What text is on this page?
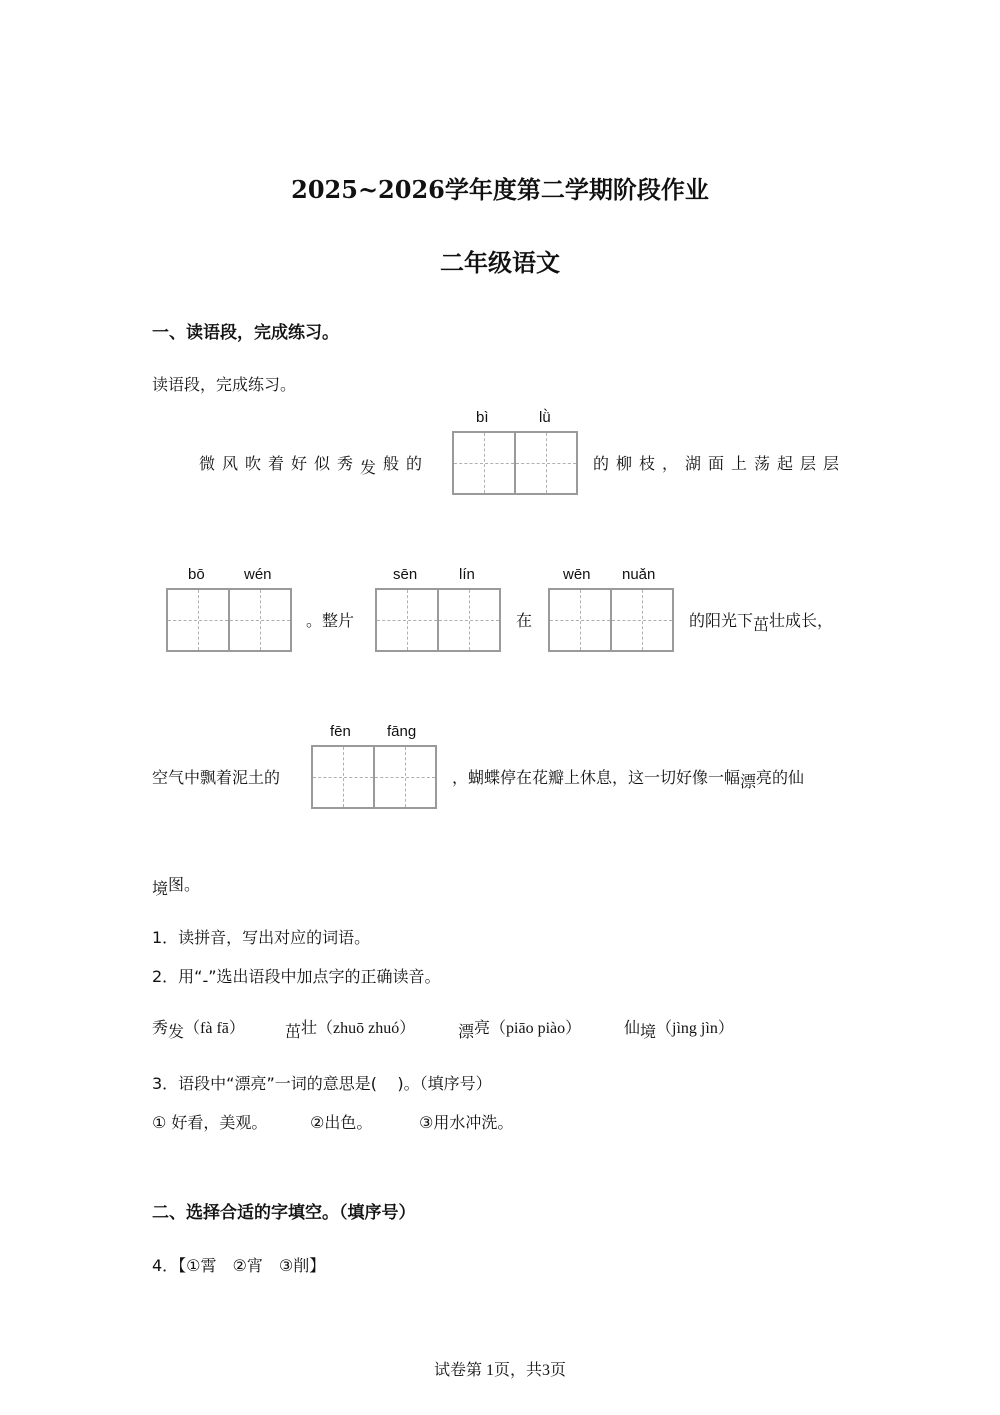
2025~2026学年度第二学期阶段作业
二年级语文
一、读语段，完成练习。
读语段，完成练习。
微风吹着好似秀发般的
bì	lǜ
的柳枝，湖面上荡起层层
bō	wén
。整片
sēn	lín
在
wēn nuǎn
的阳光下茁壮成长，
空气中飘着泥土的
fēn fāng
，蝴蝶停在花瓣上休息，这一切好像一幅漂亮的仙
境图。
1．读拼音，写出对应的词语。
2．用“-”选出语段中加点字的正确读音。
秀发（fà fā）	茁壮（zhuō zhuó）	漂亮（piāo piào）	仙境（jìng jìn）
3．语段中“漂亮”一词的意思是(    )。（填序号）
① 好看，美观。	②出色。	③用水冲洗。
二、选择合适的字填空。（填序号）
4．【①霄　②宵　③削】
试卷第 1页，共3页
